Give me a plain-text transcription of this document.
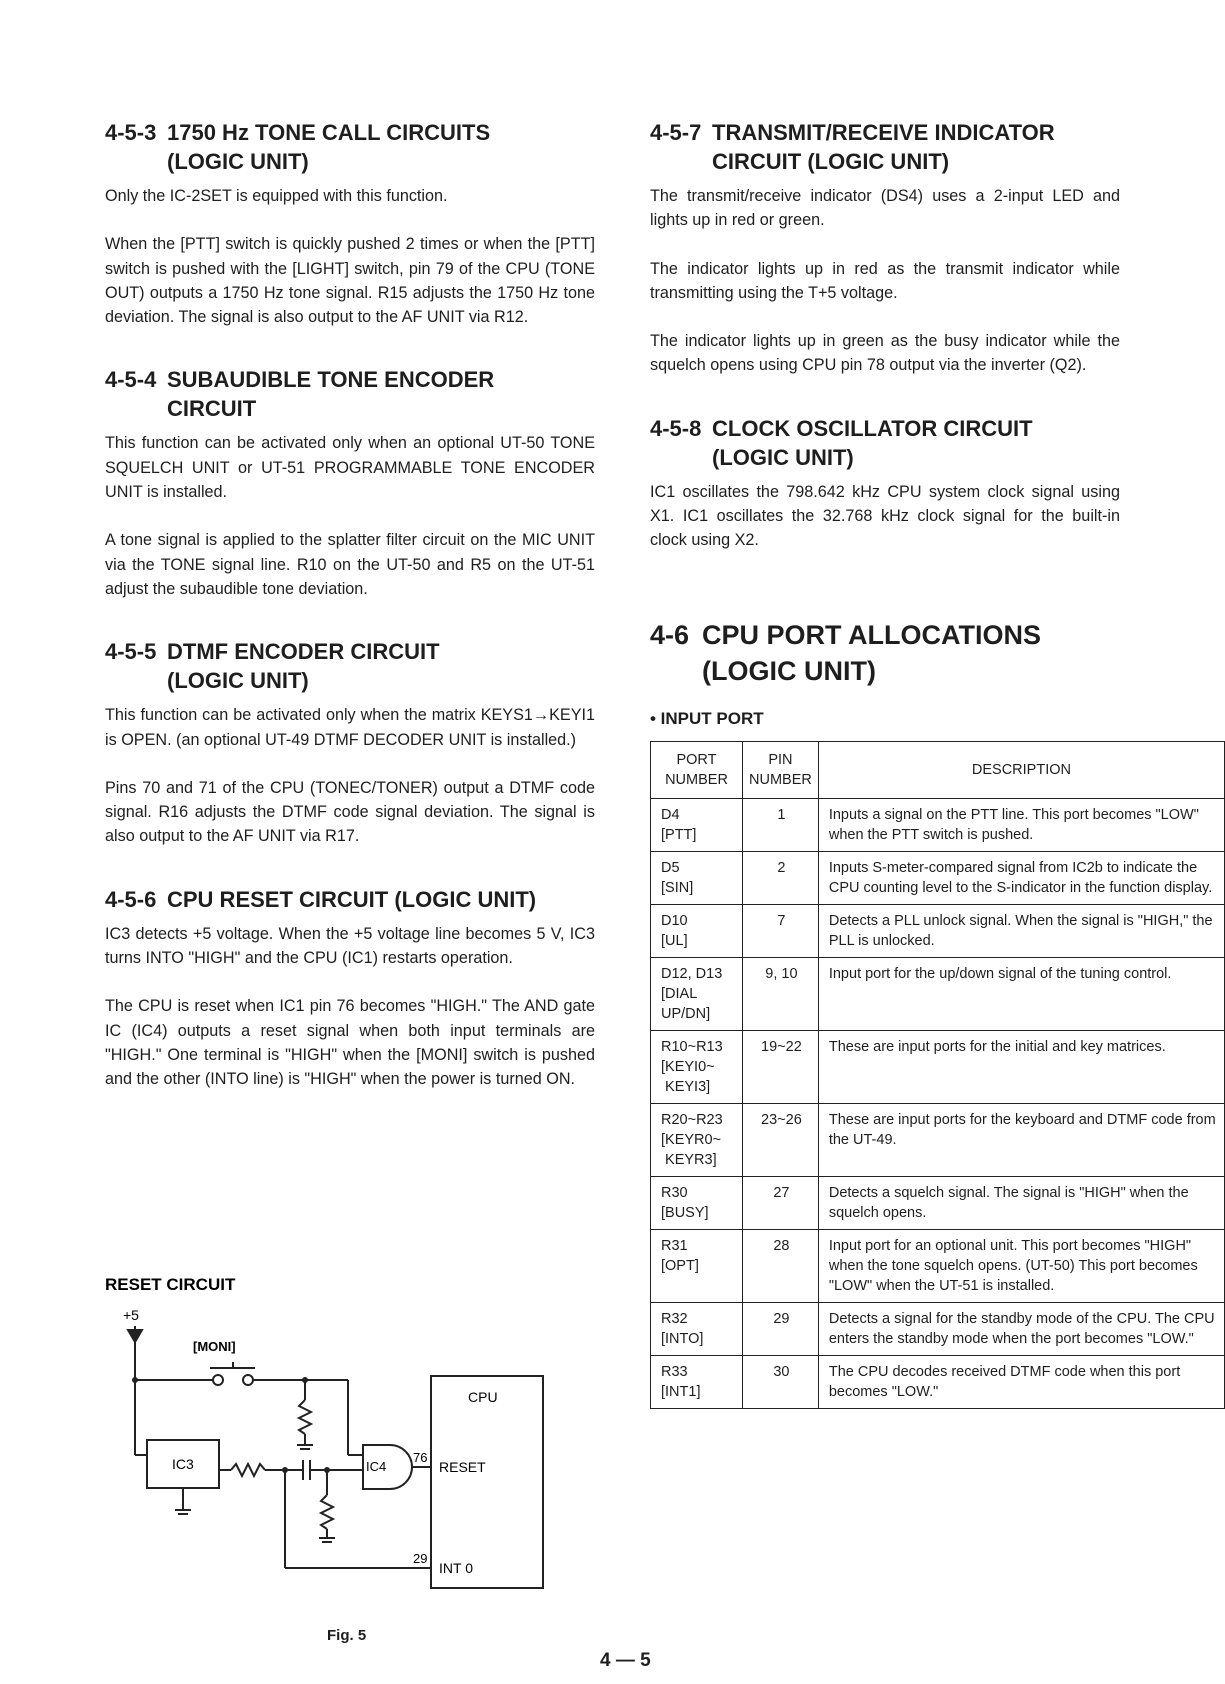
4-5-3 1750 Hz TONE CALL CIRCUITS
(LOGIC UNIT)

Only the IC-2SET is equipped with this function.

When the [PTT] switch is quickly pushed 2 times or when the [PTT] switch is pushed with the [LIGHT] switch, pin 79 of the CPU (TONE OUT) outputs a 1750 Hz tone signal. R15 adjusts the 1750 Hz tone deviation. The signal is also output to the AF UNIT via R12.

4-5-4 SUBAUDIBLE TONE ENCODER
CIRCUIT

This function can be activated only when an optional UT-50 TONE SQUELCH UNIT or UT-51 PROGRAMMABLE TONE ENCODER UNIT is installed.

A tone signal is applied to the splatter filter circuit on the MIC UNIT via the TONE signal line. R10 on the UT-50 and R5 on the UT-51 adjust the subaudible tone deviation.

4-5-5 DTMF ENCODER CIRCUIT
(LOGIC UNIT)

This function can be activated only when the matrix KEYS1→KEYI1 is OPEN. (an optional UT-49 DTMF DECODER UNIT is installed.)

Pins 70 and 71 of the CPU (TONEC/TONER) output a DTMF code signal. R16 adjusts the DTMF code signal deviation. The signal is also output to the AF UNIT via R17.

4-5-6 CPU RESET CIRCUIT (LOGIC UNIT)

IC3 detects +5 voltage. When the +5 voltage line becomes 5 V, IC3 turns INTO "HIGH" and the CPU (IC1) restarts operation.

The CPU is reset when IC1 pin 76 becomes "HIGH." The AND gate IC (IC4) outputs a reset signal when both input terminals are "HIGH." One terminal is "HIGH" when the [MONI] switch is pushed and the other (INTO line) is "HIGH" when the power is turned ON.

RESET CIRCUIT
+5
[MONI]
CPU
IC3	IC4
76
RESET
29
INT 0
Fig. 5
4-5-7 TRANSMIT/RECEIVE INDICATOR
CIRCUIT (LOGIC UNIT)

The transmit/receive indicator (DS4) uses a 2-input LED and lights up in red or green.

The indicator lights up in red as the transmit indicator while transmitting using the T+5 voltage.

The indicator lights up in green as the busy indicator while the squelch opens using CPU pin 78 output via the inverter (Q2).

4-5-8 CLOCK OSCILLATOR CIRCUIT
(LOGIC UNIT)

IC1 oscillates the 798.642 kHz CPU system clock signal using X1. IC1 oscillates the 32.768 kHz clock signal for the built-in clock using X2.

4-6 CPU PORT ALLOCATIONS
(LOGIC UNIT)

• INPUT PORT

PORT NUMBER	PIN NUMBER	DESCRIPTION

D4
[PTT]	1	Inputs a signal on the PTT line. This port becomes "LOW" when the PTT switch is pushed.

D5
[SIN]	2	Inputs S-meter-compared signal from IC2b to indicate the CPU counting level to the S-indicator in the function display.

D10
[UL]	7	Detects a PLL unlock signal. When the signal is "HIGH," the PLL is unlocked.

D12, D13
[DIAL
UP/DN]	9, 10	Input port for the up/down signal of the tuning control.

R10~R13
[KEYI0~
KEYI3]	19~22	These are input ports for the initial and key matrices.

R20~R23
[KEYR0~
KEYR3]	23~26	These are input ports for the keyboard and DTMF code from the UT-49.

R30
[BUSY]	27	Detects a squelch signal. The signal is "HIGH" when the squelch opens.

R31
[OPT]	28	Input port for an optional unit. This port becomes "HIGH" when the tone squelch opens. (UT-50) This port becomes "LOW" when the UT-51 is installed.

R32
[INTO]	29	Detects a signal for the standby mode of the CPU. The CPU enters the standby mode when the port becomes "LOW."

R33
[INT1]	30	The CPU decodes received DTMF code when this port becomes "LOW."
4 — 5
